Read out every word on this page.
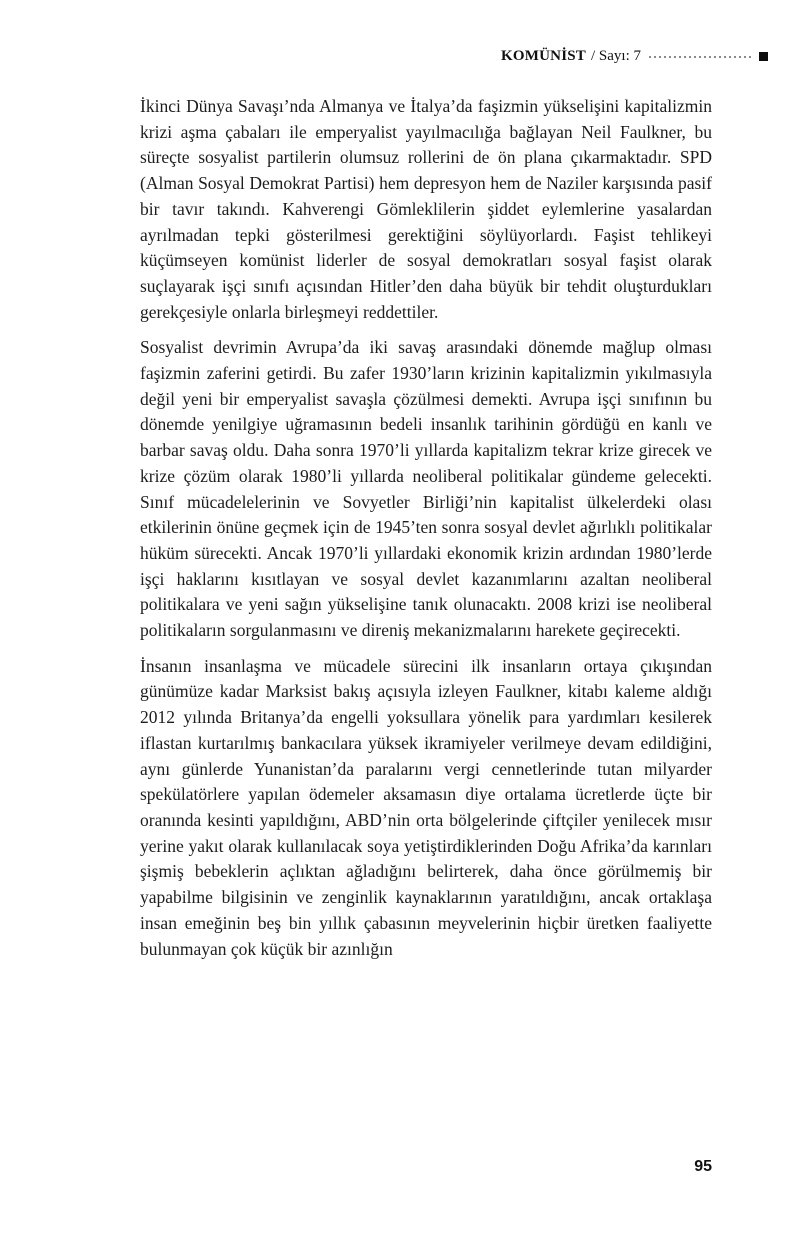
KOMÜNİST / Sayı: 7

İkinci Dünya Savaşı’nda Almanya ve İtalya’da faşizmin yükselişini kapitalizmin krizi aşma çabaları ile emperyalist yayılmacılığa bağlayan Neil Faulkner, bu süreçte sosyalist partilerin olumsuz rollerini de ön plana çıkarmaktadır. SPD (Alman Sosyal Demokrat Partisi) hem depresyon hem de Naziler karşısında pasif bir tavır takındı. Kahverengi Gömleklilerin şiddet eylemlerine yasalardan ayrılmadan tepki gösterilmesi gerektiğini söylüyorlardı. Faşist tehlikeyi küçümseyen komünist liderler de sosyal demokratları sosyal faşist olarak suçlayarak işçi sınıfı açısından Hitler’den daha büyük bir tehdit oluşturdukları gerekçesiyle onlarla birleşmeyi reddettiler.

Sosyalist devrimin Avrupa’da iki savaş arasındaki dönemde mağlup olması faşizmin zaferini getirdi. Bu zafer 1930’ların krizinin kapitalizmin yıkılmasıyla değil yeni bir emperyalist savaşla çözülmesi demekti. Avrupa işçi sınıfının bu dönemde yenilgiye uğramasının bedeli insanlık tarihinin gördüğü en kanlı ve barbar savaş oldu. Daha sonra 1970’li yıllarda kapitalizm tekrar krize girecek ve krize çözüm olarak 1980’li yıllarda neoliberal politikalar gündeme gelecekti. Sınıf mücadelelerinin ve Sovyetler Birliği’nin kapitalist ülkelerdeki olası etkilerinin önüne geçmek için de 1945’ten sonra sosyal devlet ağırlıklı politikalar hüküm sürecekti. Ancak 1970’li yıllardaki ekonomik krizin ardından 1980’lerde işçi haklarını kısıtlayan ve sosyal devlet kazanımlarını azaltan neoliberal politikalara ve yeni sağın yükselişine tanık olunacaktı. 2008 krizi ise neoliberal politikaların sorgulanmasını ve direniş mekanizmalarını harekete geçirecekti.

İnsanın insanlaşma ve mücadele sürecini ilk insanların ortaya çıkışından günümüze kadar Marksist bakış açısıyla izleyen Faulkner, kitabı kaleme aldığı 2012 yılında Britanya’da engelli yoksullara yönelik para yardımları kesilerek iflastan kurtarılmış bankacılara yüksek ikramiyeler verilmeye devam edildiğini, aynı günlerde Yunanistan’da paralarını vergi cennetlerinde tutan milyarder spekülatörlere yapılan ödemeler aksamasın diye ortalama ücretlerde üçte bir oranında kesinti yapıldığını, ABD’nin orta bölgelerinde çiftçiler yenilecek mısır yerine yakıt olarak kullanılacak soya yetiştirdiklerinden Doğu Afrika’da karınları şişmiş bebeklerin açlıktan ağladığını belirterek, daha önce görülmemiş bir yapabilme bilgisinin ve zenginlik kaynaklarının yaratıldığını, ancak ortaklaşa insan emeğinin beş bin yıllık çabasının meyvelerinin hiçbir üretken faaliyette bulunmayan çok küçük bir azınlığın

95
